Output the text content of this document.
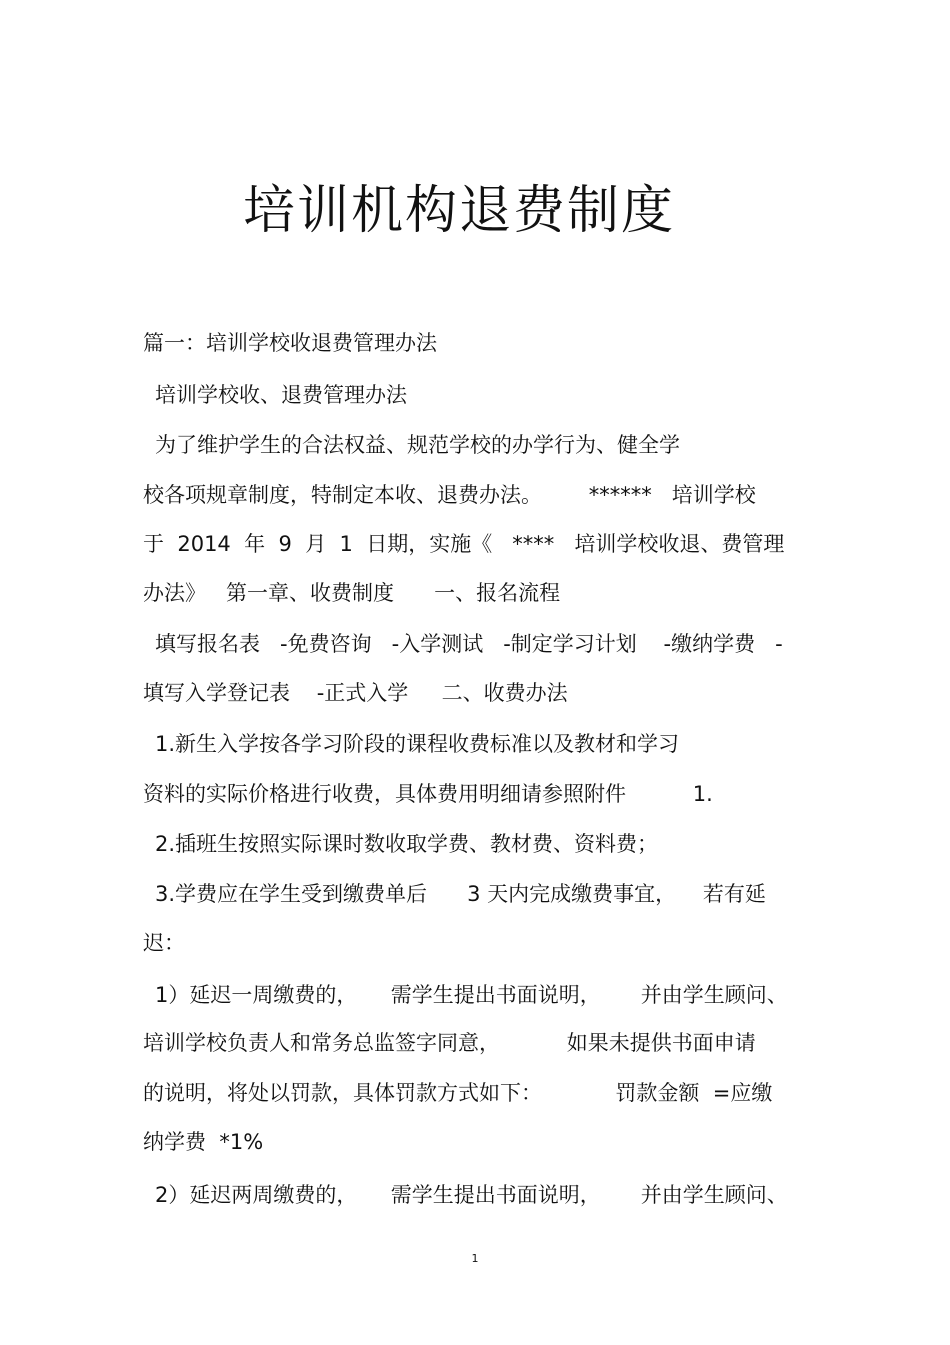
培训机构退费制度

篇一：培训学校收退费管理办法

培训学校收、退费管理办法

为了维护学生的合法权益、规范学校的办学行为、健全学

校各项规章制度，特制定本收、退费办法。       ******   培训学校

于  2014  年  9  月  1  日期，实施《   ****   培训学校收退、费管理

办法》   第一章、收费制度      一、报名流程

填写报名表   -免费咨询   -入学测试   -制定学习计划    -缴纳学费   -

填写入学登记表    -正式入学     二、收费办法

1.新生入学按各学习阶段的课程收费标准以及教材和学习

资料的实际价格进行收费，具体费用明细请参照附件          1.

2.插班生按照实际课时数收取学费、教材费、资料费；

3.学费应在学生受到缴费单后      3 天内完成缴费事宜，    若有延

迟：

1）延迟一周缴费的，     需学生提出书面说明，      并由学生顾问、

培训学校负责人和常务总监签字同意，          如果未提供书面申请

的说明，将处以罚款，具体罚款方式如下：           罚款金额  =应缴

纳学费  *1%

2）延迟两周缴费的，     需学生提出书面说明，      并由学生顾问、

1
